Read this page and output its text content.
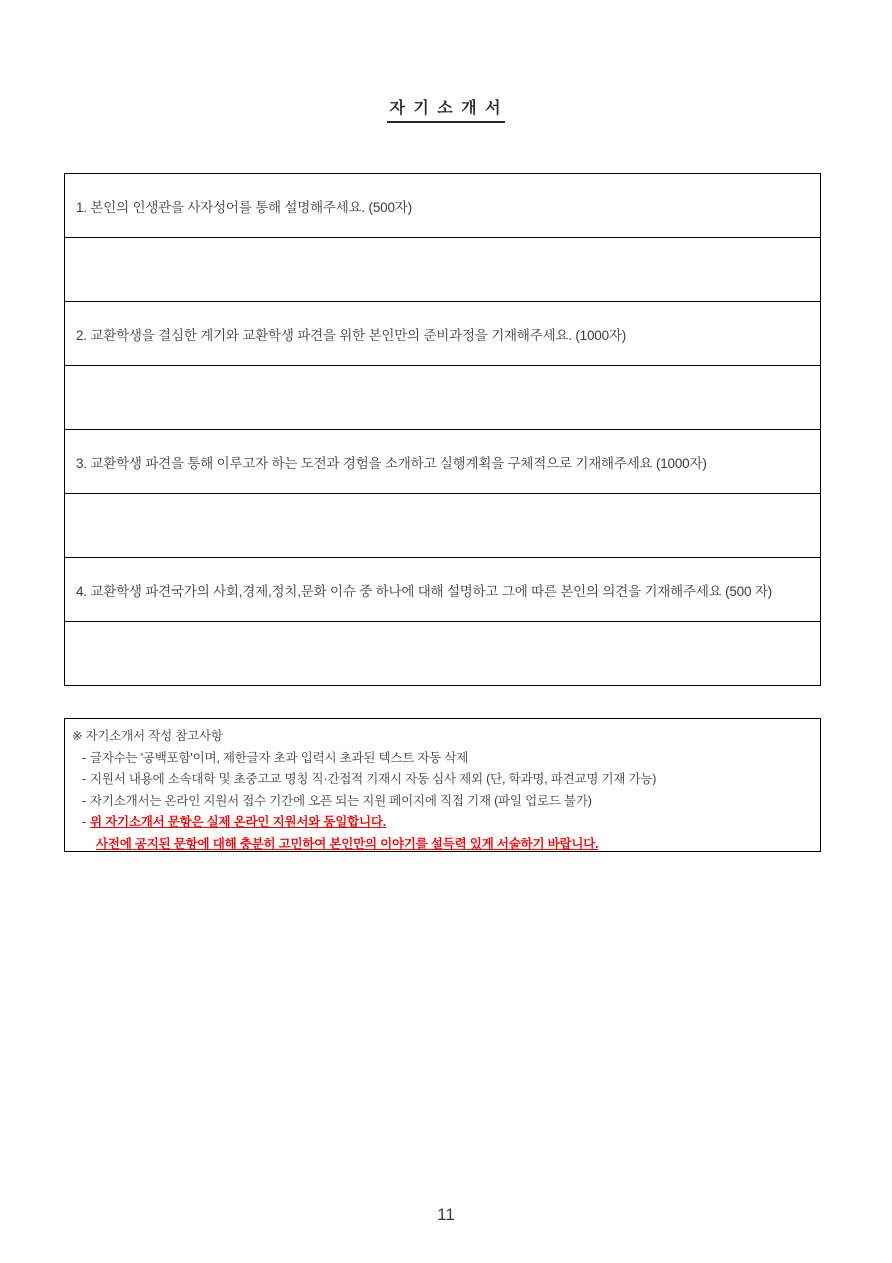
자 기 소 개 서
1. 본인의 인생관을 사자성어를 통해 설명해주세요. (500자)
2. 교환학생을 결심한 계기와 교환학생 파견을 위한 본인만의 준비과정을 기재해주세요. (1000자)
3. 교환학생 파견을 통해 이루고자 하는 도전과 경험을 소개하고 실행계획을 구체적으로 기재해주세요 (1000자)
4. 교환학생 파견국가의 사회,경제,정치,문화 이슈 중 하나에 대해 설명하고 그에 따른 본인의 의견을 기재해주세요 (500 자)
※ 자기소개서 작성 참고사항
- 글자수는 '공백포함'이며, 제한글자 초과 입력시 초과된 텍스트 자동 삭제
- 지원서 내용에 소속대학 및 초중고교 명칭 직·간접적 기재시 자동 심사 제외 (단, 학과명, 파견교명 기재 가능)
- 자기소개서는 온라인 지원서 접수 기간에 오픈 되는 지원 페이지에 직접 기재 (파일 업로드 불가)
- 위 자기소개서 문항은 실제 온라인 지원서와 동일합니다.
사전에 공지된 문항에 대해 충분히 고민하여 본인만의 이야기를 설득력 있게 서술하기 바랍니다.
11
